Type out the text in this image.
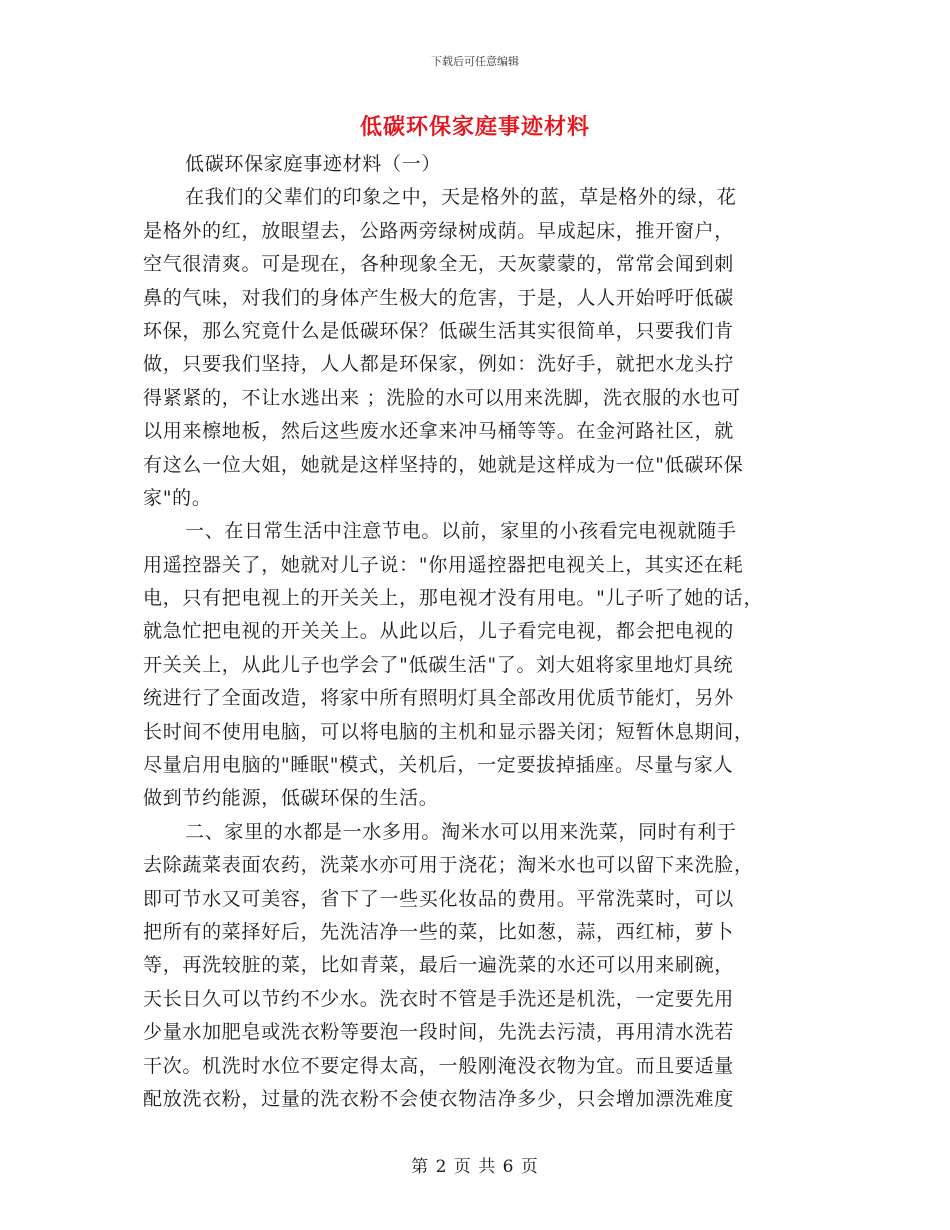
下载后可任意编辑
低碳环保家庭事迹材料
低碳环保家庭事迹材料（一）
在我们的父辈们的印象之中，天是格外的蓝，草是格外的绿，花
是格外的红，放眼望去，公路两旁绿树成荫。早成起床，推开窗户，
空气很清爽。可是现在，各种现象全无，天灰蒙蒙的，常常会闻到刺
鼻的气味，对我们的身体产生极大的危害，于是，人人开始呼吁低碳
环保，那么究竟什么是低碳环保？低碳生活其实很简单，只要我们肯
做，只要我们坚持，人人都是环保家，例如：洗好手，就把水龙头拧
得紧紧的，不让水逃出来 ；洗脸的水可以用来洗脚，洗衣服的水也可
以用来檫地板，然后这些废水还拿来冲马桶等等。在金河路社区，就
有这么一位大姐，她就是这样坚持的，她就是这样成为一位"低碳环保
家"的。
一、在日常生活中注意节电。以前，家里的小孩看完电视就随手
用遥控器关了，她就对儿子说："你用遥控器把电视关上，其实还在耗
电，只有把电视上的开关关上，那电视才没有用电。"儿子听了她的话，
就急忙把电视的开关关上。从此以后，儿子看完电视，都会把电视的
开关关上，从此儿子也学会了"低碳生活"了。刘大姐将家里地灯具统
统进行了全面改造，将家中所有照明灯具全部改用优质节能灯，另外
长时间不使用电脑，可以将电脑的主机和显示器关闭；短暂休息期间，
尽量启用电脑的"睡眠"模式，关机后，一定要拔掉插座。尽量与家人
做到节约能源，低碳环保的生活。
二、家里的水都是一水多用。淘米水可以用来洗菜，同时有利于
去除蔬菜表面农药，洗菜水亦可用于浇花；淘米水也可以留下来洗脸，
即可节水又可美容，省下了一些买化妆品的费用。平常洗菜时，可以
把所有的菜择好后，先洗洁净一些的菜，比如葱，蒜，西红柿，萝卜
等，再洗较脏的菜，比如青菜，最后一遍洗菜的水还可以用来刷碗，
天长日久可以节约不少水。洗衣时不管是手洗还是机洗，一定要先用
少量水加肥皂或洗衣粉等要泡一段时间，先洗去污渍，再用清水洗若
干次。机洗时水位不要定得太高，一般刚淹没衣物为宜。而且要适量
配放洗衣粉，过量的洗衣粉不会使衣物洁净多少，只会增加漂洗难度
第 2 页 共 6 页
